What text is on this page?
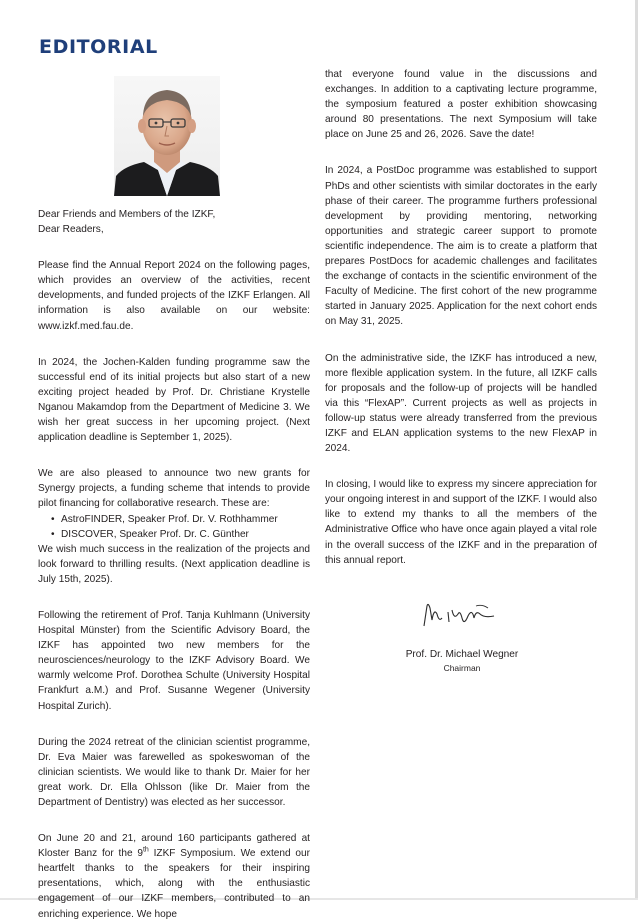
EDITORIAL

Dear Friends and Members of the IZKF,

Dear Readers,

Please find the Annual Report 2024 on the following pages, which provides an overview of the activities, recent developments, and funded projects of the IZKF Erlangen. All information is also available on our website: www.izkf.med.fau.de.

In 2024, the Jochen-Kalden funding programme saw the successful end of its initial projects but also start of a new exciting project headed by Prof. Dr. Christiane Krystelle Nganou Makamdop from the Department of Medicine 3. We wish her great success in her upcoming project. (Next application deadline is September 1, 2025).

We are also pleased to announce two new grants for Synergy projects, a funding scheme that intends to provide pilot financing for collaborative research. These are:

• AstroFINDER, Speaker Prof. Dr. V. Rothhammer
• DISCOVER, Speaker Prof. Dr. C. Günther

We wish much success in the realization of the projects and look forward to thrilling results. (Next application deadline is July 15th, 2025).

Following the retirement of Prof. Tanja Kuhlmann (University Hospital Münster) from the Scientific Advisory Board, the IZKF has appointed two new members for the neurosciences/neurology to the IZKF Advisory Board. We warmly welcome Prof. Dorothea Schulte (University Hospital Frankfurt a.M.) and Prof. Susanne Wegener (University Hospital Zurich).

During the 2024 retreat of the clinician scientist programme, Dr. Eva Maier was farewelled as spokeswoman of the clinician scientists. We would like to thank Dr. Maier for her great work. Dr. Ella Ohlsson (like Dr. Maier from the Department of Dentistry) was elected as her successor.

On June 20 and 21, around 160 participants gathered at Kloster Banz for the 9th IZKF Symposium. We extend our heartfelt thanks to the speakers for their inspiring presentations, which, along with the enthusiastic engagement of our IZKF members, contributed to an enriching experience. We hope

that everyone found value in the discussions and exchanges. In addition to a captivating lecture programme, the symposium featured a poster exhibition showcasing around 80 presentations. The next Symposium will take place on June 25 and 26, 2026. Save the date!

In 2024, a PostDoc programme was established to support PhDs and other scientists with similar doctorates in the early phase of their career. The programme furthers professional development by providing mentoring, networking opportunities and strategic career support to promote scientific independence. The aim is to create a platform that prepares PostDocs for academic challenges and facilitates the exchange of contacts in the scientific environment of the Faculty of Medicine. The first cohort of the new programme started in January 2025. Application for the next cohort ends on May 31, 2025.

On the administrative side, the IZKF has introduced a new, more flexible application system. In the future, all IZKF calls for proposals and the follow-up of projects will be handled via this “FlexAP”. Current projects as well as projects in follow-up status were already transferred from the previous IZKF and ELAN application systems to the new FlexAP in 2024.

In closing, I would like to express my sincere appreciation for your ongoing interest in and support of the IZKF. I would also like to extend my thanks to all the members of the Administrative Office who have once again played a vital role in the overall success of the IZKF and in the preparation of this annual report.

Prof. Dr. Michael Wegner
Chairman
